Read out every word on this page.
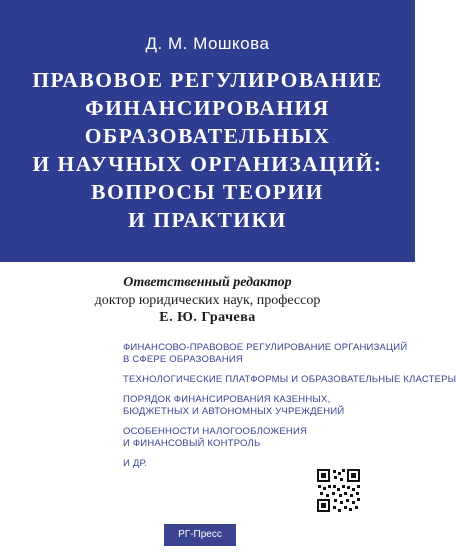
Д. М. Мошкова
ПРАВОВОЕ РЕГУЛИРОВАНИЕ
ФИНАНСИРОВАНИЯ
ОБРАЗОВАТЕЛЬНЫХ
И НАУЧНЫХ ОРГАНИЗАЦИЙ:
ВОПРОСЫ ТЕОРИИ
И ПРАКТИКИ
Ответственный редактор
доктор юридических наук, профессор
Е. Ю. Грачева
ФИНАНСОВО-ПРАВОВОЕ РЕГУЛИРОВАНИЕ ОРГАНИЗАЦИЙ
В СФЕРЕ ОБРАЗОВАНИЯ
ТЕХНОЛОГИЧЕСКИЕ ПЛАТФОРМЫ И ОБРАЗОВАТЕЛЬНЫЕ КЛАСТЕРЫ
ПОРЯДОК ФИНАНСИРОВАНИЯ КАЗЕННЫХ,
БЮДЖЕТНЫХ И АВТОНОМНЫХ УЧРЕЖДЕНИЙ
ОСОБЕННОСТИ НАЛОГООБЛОЖЕНИЯ
И ФИНАНСОВЫЙ КОНТРОЛЬ
И ДР.
РГ-Пресс
